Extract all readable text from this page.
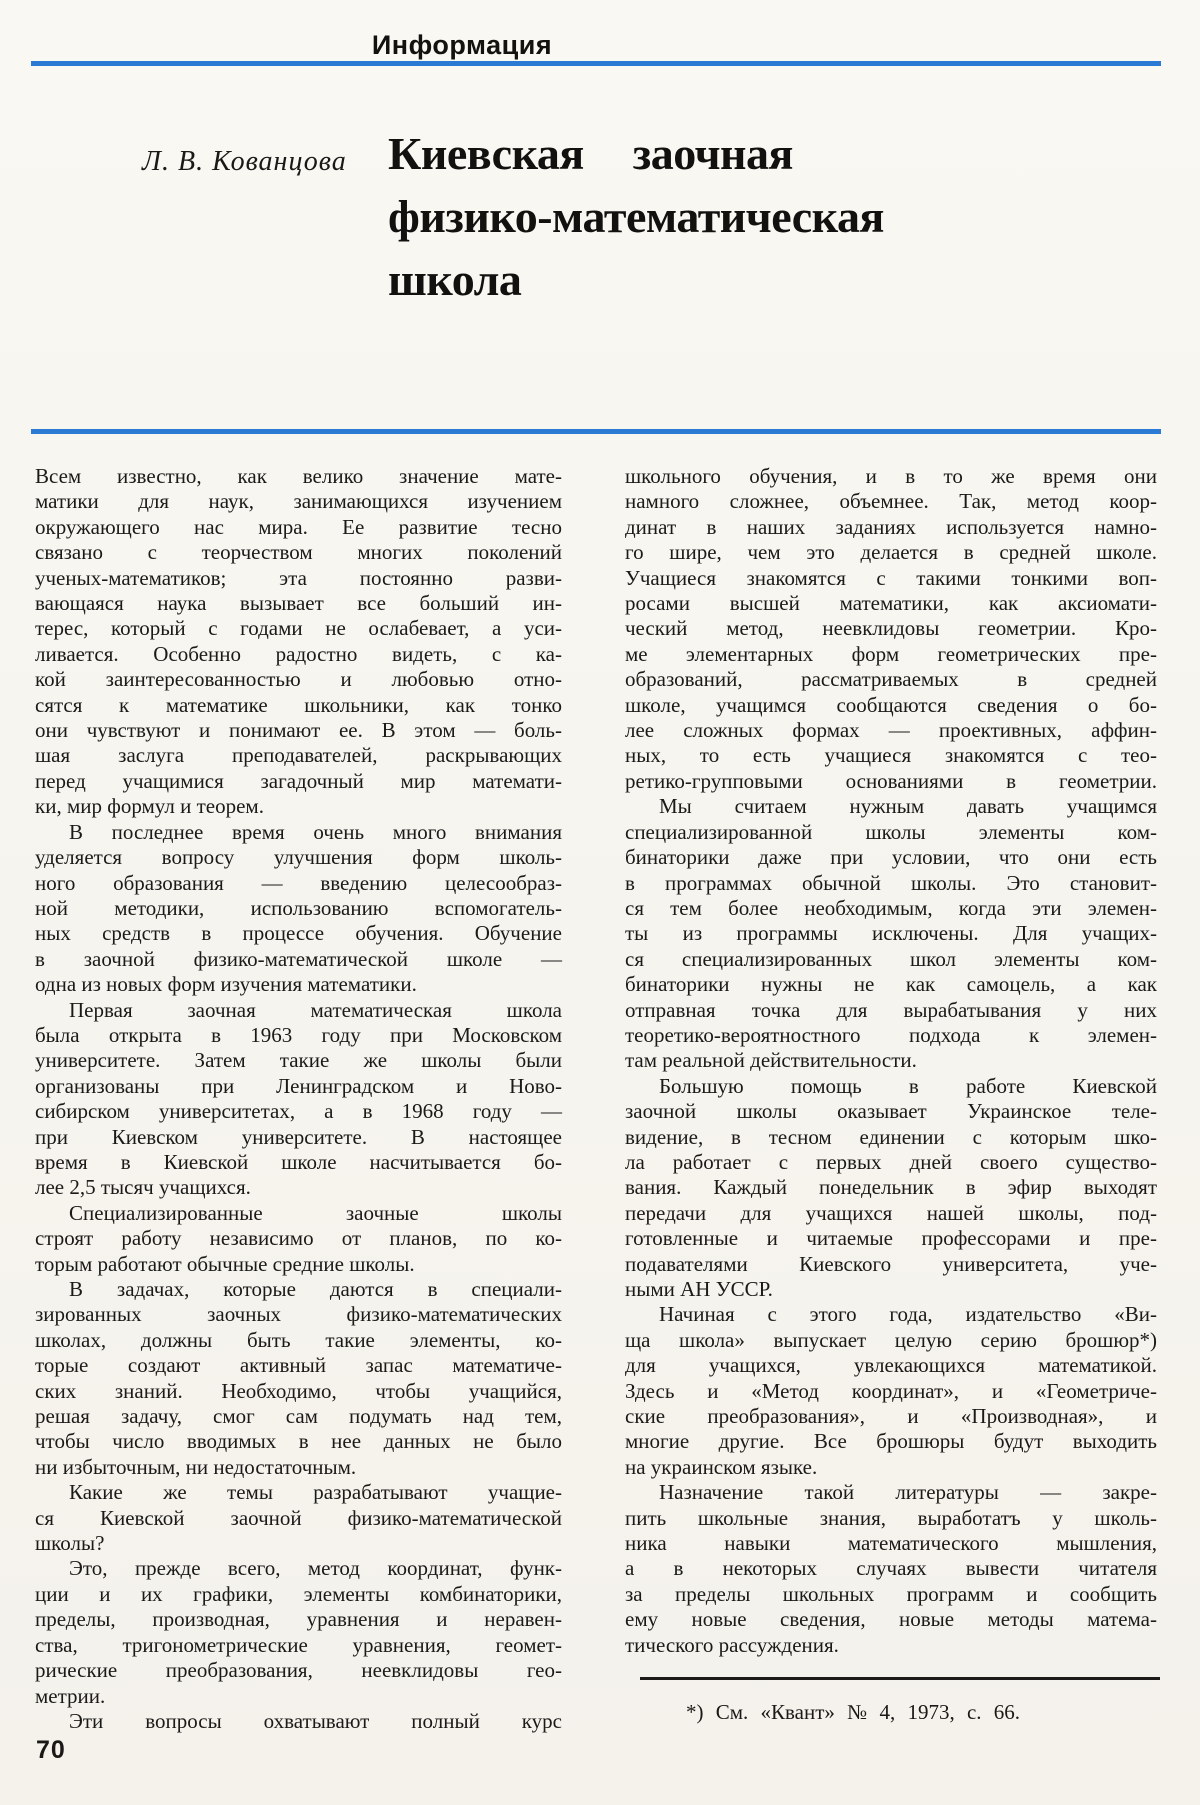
Информация
Л. В. Кованцова Киевская заочная
физико-математическая
школа
Всем известно, как велико значение мате-
матики для наук, занимающихся изучением
окружающего нас мира. Ее развитие тесно
связано с теорчеством многих поколений
ученых-математиков; эта постоянно разви-
вающаяся наука вызывает все больший ин-
терес, который с годами не ослабевает, а уси-
ливается. Особенно радостно видеть, с ка-
кой заинтересованностью и любовью отно-
сятся к математике школьники, как тонко
они чувствуют и понимают ее. В этом — боль-
шая заслуга преподавателей, раскрывающих
перед учащимися загадочный мир математи-
ки, мир формул и теорем.
В последнее время очень много внимания
уделяется вопросу улучшения форм школь-
ного образования — введению целесообраз-
ной методики, использованию вспомогатель-
ных средств в процессе обучения. Обучение
в заочной физико-математической школе —
одна из новых форм изучения математики.
Первая заочная математическая школа
была открыта в 1963 году при Московском
университете. Затем такие же школы были
организованы при Ленинградском и Ново-
сибирском университетах, а в 1968 году —
при Киевском университете. В настоящее
время в Киевской школе насчитывается бо-
лее 2,5 тысяч учащихся.
Специализированные заочные школы
строят работу независимо от планов, по ко-
торым работают обычные средние школы.
В задачах, которые даются в специали-
зированных заочных физико-математических
школах, должны быть такие элементы, ко-
торые создают активный запас математиче-
ских знаний. Необходимо, чтобы учащийся,
решая задачу, смог сам подумать над тем,
чтобы число вводимых в нее данных не было
ни избыточным, ни недостаточным.
Какие же темы разрабатывают учащие-
ся Киевской заочной физико-математической
школы?
Это, прежде всего, метод координат, функ-
ции и их графики, элементы комбинаторики,
пределы, производная, уравнения и неравен-
ства, тригонометрические уравнения, геомет-
рические преобразования, неевклидовы гео-
метрии.
Эти вопросы охватывают полный курс
школьного обучения, и в то же время они
намного сложнее, объемнее. Так, метод коор-
динат в наших заданиях используется намно-
го шире, чем это делается в средней школе.
Учащиеся знакомятся с такими тонкими воп-
росами высшей математики, как аксиомати-
ческий метод, неевклидовы геометрии. Кро-
ме элементарных форм геометрических пре-
образований, рассматриваемых в средней
школе, учащимся сообщаются сведения о бо-
лее сложных формах — проективных, аффин-
ных, то есть учащиеся знакомятся с тео-
ретико-групповыми основаниями в геометрии.
Мы считаем нужным давать учащимся
специализированной школы элементы ком-
бинаторики даже при условии, что они есть
в программах обычной школы. Это становит-
ся тем более необходимым, когда эти элемен-
ты из программы исключены. Для учащих-
ся специализированных школ элементы ком-
бинаторики нужны не как самоцель, а как
отправная точка для вырабатывания у них
теоретико-вероятностного подхода к элемен-
там реальной действительности.
Большую помощь в работе Киевской
заочной школы оказывает Украинское теле-
видение, в тесном единении с которым шко-
ла работает с первых дней своего существо-
вания. Каждый понедельник в эфир выходят
передачи для учащихся нашей школы, под-
готовленные и читаемые профессорами и пре-
подавателями Киевского университета, уче-
ными АН УССР.
Начиная с этого года, издательство «Ви-
ща школа» выпускает целую серию брошюр*)
для учащихся, увлекающихся математикой.
Здесь и «Метод координат», и «Геометриче-
ские преобразования», и «Производная», и
многие другие. Все брошюры будут выходить
на украинском языке.
Назначение такой литературы — закре-
пить школьные знания, выработатъ у школь-
ника навыки математического мышления,
а в некоторых случаях вывести читателя
за пределы школьных программ и сообщить
ему новые сведения, новые методы матема-
тического рассуждения.
*) См. «Квант» № 4, 1973, с. 66.
70
